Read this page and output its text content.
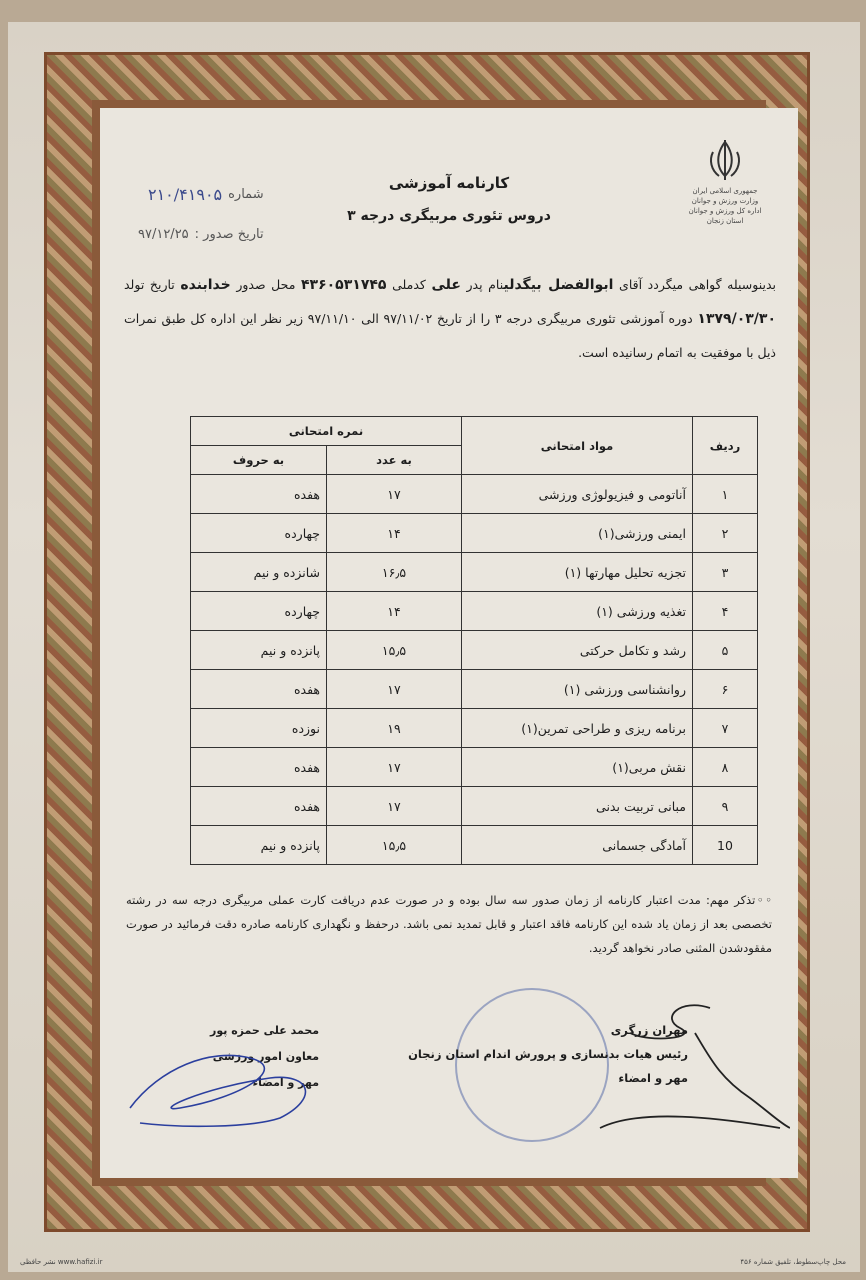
جمهوری اسلامی ایران
وزارت ورزش و جوانان
اداره کل ورزش و جوانان استان زنجان
کارنامه آموزشی
دروس تئوری مربیگری درجه ۳
شماره
۲۱۰/۴۱۹۰۵
تاریخ صدور :
۹۷/۱۲/۲۵
بدینوسیله گواهی میگردد آقای ابوالفضل بیگدلینام پدر علی کدملی ۴۳۶۰۵۳۱۷۴۵ محل صدور خدابنده تاریخ تولد ۱۳۷۹/۰۳/۳۰ دوره آموزشی تئوری مربیگری درجه ۳ را از تاریخ ۹۷/۱۱/۰۲ الی ۹۷/۱۱/۱۰ زیر نظر این اداره کل طبق نمرات ذیل با موفقیت به اتمام رسانیده است.
ردیف	مواد امتحانی	نمره امتحانی	
		به عدد	به حروف
۱	آناتومی و فیزیولوژی ورزشی	۱۷	هفده
۲	ایمنی ورزشی(۱)	۱۴	چهارده
۳	تجزیه تحلیل مهارتها (۱)	۱۶٫۵	شانزده و نیم
۴	تغذیه ورزشی (۱)	۱۴	چهارده
۵	رشد و تکامل حرکتی	۱۵٫۵	پانزده و نیم
۶	روانشناسی ورزشی (۱)	۱۷	هفده
۷	برنامه ریزی و طراحی تمرین(۱)	۱۹	نوزده
۸	نقش مربی(۱)	۱۷	هفده
۹	مبانی تربیت بدنی	۱۷	هفده
10	آمادگی جسمانی	۱۵٫۵	پانزده و نیم
◦◦تذکر مهم: مدت اعتبار کارنامه از زمان صدور سه سال بوده و در صورت عدم دریافت کارت عملی مربیگری درجه سه در رشته تخصصی بعد از زمان یاد شده این کارنامه فاقد اعتبار و قابل تمدید نمی باشد. درحفظ و نگهداری کارنامه صادره دقت فرمائید در صورت مفقودشدن المثنی صادر نخواهد گردید.
مهران زرگری
رئیس هیات بدنسازی و پرورش اندام استان زنجان
مهر و امضاء
محمد علی حمزه پور
معاون امور ورزشی
مهر و امضاء
محل چاپ‌سطوط، تلفیق شماره ۴۵۶
www.hafizi.ir نشر حافظی
